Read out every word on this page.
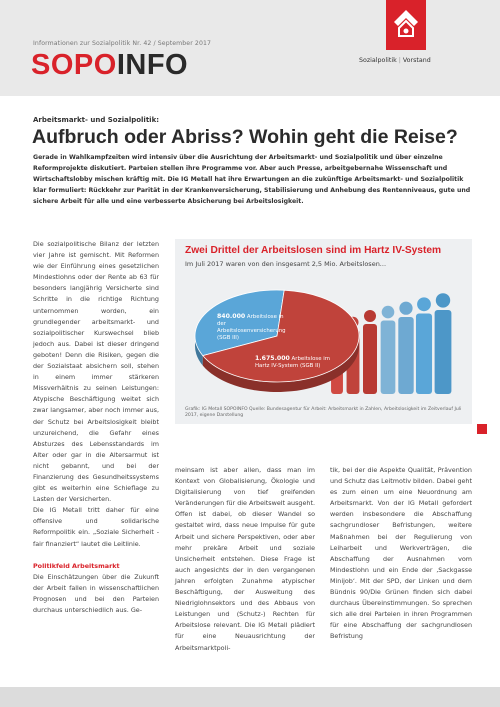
Informationen zur Sozialpolitik Nr. 42 / September 2017
SOPOINFO	Sozialpolitik | Vorstand
Arbeitsmarkt- und Sozialpolitik:
Aufbruch oder Abriss? Wohin geht die Reise?
Gerade in Wahlkampfzeiten wird intensiv über die Ausrichtung der Arbeitsmarkt- und Sozialpolitik und über einzelne Reformprojekte diskutiert. Parteien stellen ihre Programme vor. Aber auch Presse, arbeitgebernahe Wissenschaft und Wirtschaftslobby mischen kräftig mit. Die IG Metall hat ihre Erwartungen an die zukünftige Arbeitsmarkt- und Sozialpolitik klar formuliert: Rückkehr zur Parität in der Krankenversicherung, Stabilisierung und Anhebung des Rentenniveaus, gute und sichere Arbeit für alle und eine verbesserte Absicherung bei Arbeitslosigkeit.

Die sozialpolitische Bilanz der letzten vier Jahre ist gemischt. Mit Reformen wie der Einführung eines gesetzlichen Mindestlohns oder der Rente ab 63 für besonders langjährig Versicherte sind Schritte in die richtige Richtung unternommen worden, ein grundlegender arbeitsmarkt- und sozialpolitischer Kurswechsel blieb jedoch aus. Dabei ist dieser dringend geboten! Denn die Risiken, gegen die der Sozialstaat absichern soll, stehen in einem immer stärkeren Missverhältnis zu seinen Leistungen: Atypische Beschäftigung weitet sich zwar langsamer, aber noch immer aus, der Schutz bei Arbeitslosigkeit bleibt unzureichend, die Gefahr eines Absturzes des Lebensstandards im Alter oder gar in die Altersarmut ist nicht gebannt, und bei der Finanzierung des Gesundheitssystems gibt es weiterhin eine Schieflage zu Lasten der Versicherten.

Die IG Metall tritt daher für eine offensive und solidarische Reformpolitik ein. „Soziale Sicherheit - fair finanziert“ lautet die Leitlinie.

Politikfeld Arbeitsmarkt

Die Einschätzungen über die Zukunft der Arbeit fallen in wissenschaftlichen Prognosen und bei den Parteien durchaus unterschiedlich aus. Ge-

Zwei Drittel der Arbeitslosen sind im Hartz IV-System
Im Juli 2017 waren von den insgesamt 2,5 Mio. Arbeitslosen...
840.000 Arbeitslose in der Arbeitslosenversicherung (SGB III)
1.675.000 Arbeitslose im Hartz IV-System (SGB II)
Grafik: IG Metall SOPOINFO Quelle: Bundesagentur für Arbeit: Arbeitsmarkt in Zahlen, Arbeitslosigkeit im Zeitverlauf Juli 2017, eigene Darstellung
meinsam ist aber allen, dass man im Kontext von Globalisierung, Ökologie und Digitalisierung von tief greifenden Veränderungen für die Arbeitswelt ausgeht. Offen ist dabei, ob dieser Wandel so gestaltet wird, dass neue Impulse für gute Arbeit und sichere Perspektiven, oder aber mehr prekäre Arbeit und soziale Unsicherheit entstehen. Diese Frage ist auch angesichts der in den vergangenen Jahren erfolgten Zunahme atypischer Beschäftigung, der Ausweitung des Niedriglohnsektors und des Abbaus von Leistungen und (Schutz-) Rechten für Arbeitslose relevant. Die IG Metall plädiert für eine Neuausrichtung der Arbeitsmarktpoli-
tik, bei der die Aspekte Qualität, Prävention und Schutz das Leitmotiv bilden. Dabei geht es zum einen um eine Neuordnung am Arbeitsmarkt. Von der IG Metall gefordert werden insbesondere die Abschaffung sachgrundloser Befristungen, weitere Maßnahmen bei der Regulierung von Leiharbeit und Werkverträgen, die Abschaffung der Ausnahmen vom Mindestlohn und ein Ende der ‚Sackgasse Minijob‘. Mit der SPD, der Linken und dem Bündnis 90/Die Grünen finden sich dabei durchaus Übereinstimmungen. So sprechen sich alle drei Parteien in ihren Programmen für eine Abschaffung der sachgrundlosen Befristung
